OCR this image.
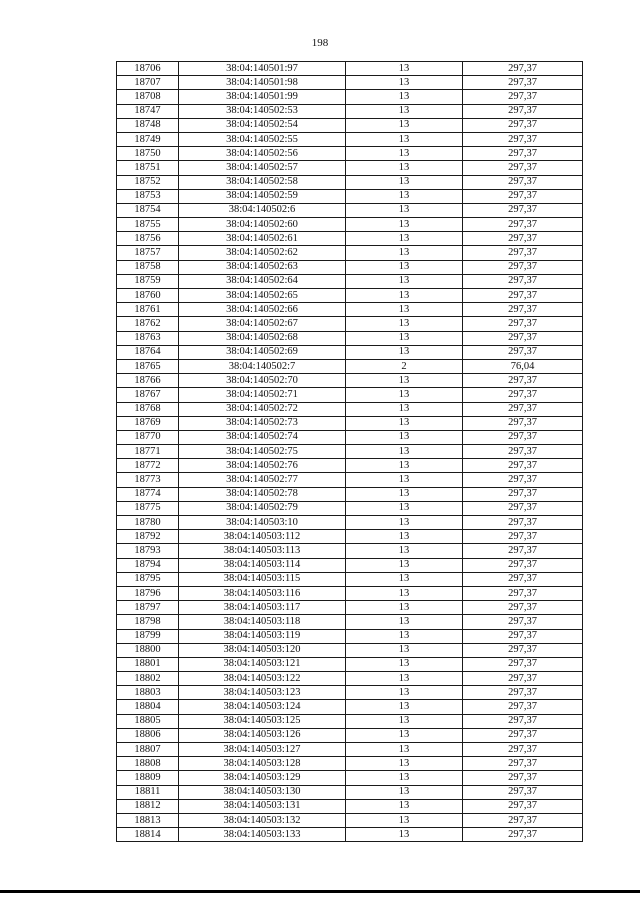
198
18706	38:04:140501:97	13	297,37
18707	38:04:140501:98	13	297,37
18708	38:04:140501:99	13	297,37
18747	38:04:140502:53	13	297,37
18748	38:04:140502:54	13	297,37
18749	38:04:140502:55	13	297,37
18750	38:04:140502:56	13	297,37
18751	38:04:140502:57	13	297,37
18752	38:04:140502:58	13	297,37
18753	38:04:140502:59	13	297,37
18754	38:04:140502:6	13	297,37
18755	38:04:140502:60	13	297,37
18756	38:04:140502:61	13	297,37
18757	38:04:140502:62	13	297,37
18758	38:04:140502:63	13	297,37
18759	38:04:140502:64	13	297,37
18760	38:04:140502:65	13	297,37
18761	38:04:140502:66	13	297,37
18762	38:04:140502:67	13	297,37
18763	38:04:140502:68	13	297,37
18764	38:04:140502:69	13	297,37
18765	38:04:140502:7	2	76,04
18766	38:04:140502:70	13	297,37
18767	38:04:140502:71	13	297,37
18768	38:04:140502:72	13	297,37
18769	38:04:140502:73	13	297,37
18770	38:04:140502:74	13	297,37
18771	38:04:140502:75	13	297,37
18772	38:04:140502:76	13	297,37
18773	38:04:140502:77	13	297,37
18774	38:04:140502:78	13	297,37
18775	38:04:140502:79	13	297,37
18780	38:04:140503:10	13	297,37
18792	38:04:140503:112	13	297,37
18793	38:04:140503:113	13	297,37
18794	38:04:140503:114	13	297,37
18795	38:04:140503:115	13	297,37
18796	38:04:140503:116	13	297,37
18797	38:04:140503:117	13	297,37
18798	38:04:140503:118	13	297,37
18799	38:04:140503:119	13	297,37
18800	38:04:140503:120	13	297,37
18801	38:04:140503:121	13	297,37
18802	38:04:140503:122	13	297,37
18803	38:04:140503:123	13	297,37
18804	38:04:140503:124	13	297,37
18805	38:04:140503:125	13	297,37
18806	38:04:140503:126	13	297,37
18807	38:04:140503:127	13	297,37
18808	38:04:140503:128	13	297,37
18809	38:04:140503:129	13	297,37
18811	38:04:140503:130	13	297,37
18812	38:04:140503:131	13	297,37
18813	38:04:140503:132	13	297,37
18814	38:04:140503:133	13	297,37
